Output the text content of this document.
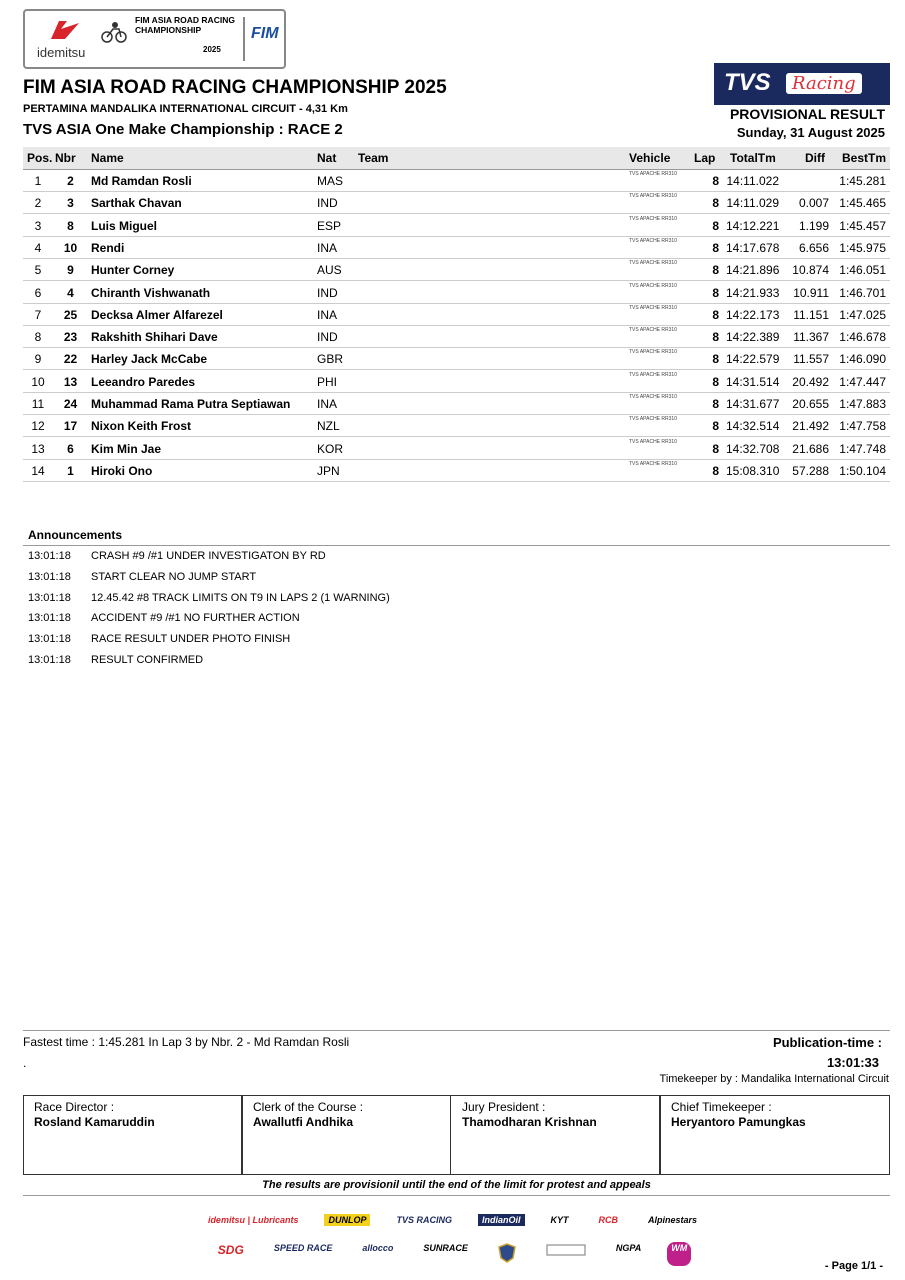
idemitsu
FIM ASIA ROAD RACING CHAMPIONSHIP
2025
FIM
FIM ASIA ROAD RACING CHAMPIONSHIP 2025
PERTAMINA MANDALIKA INTERNATIONAL CIRCUIT - 4,31 Km
TVS ASIA One Make Championship : RACE 2
TVS	Racing
PROVISIONAL RESULT
Sunday, 31 August 2025
Pos. Nbr Name	Nat Team	Vehicle Lap TotalTm Diff BestTm
1	2	Md Ramdan Rosli	MAS	TVS APACHE RR310	8 14:11.022	1:45.281
2	3	Sarthak Chavan	IND	TVS APACHE RR310	8 14:11.029	0.007 1:45.465
3	8	Luis Miguel	ESP	TVS APACHE RR310	8 14:12.221	1.199 1:45.457
4	10	Rendi	INA	TVS APACHE RR310	8 14:17.678	6.656 1:45.975
5	9	Hunter Corney	AUS	TVS APACHE RR310	8 14:21.896	10.874 1:46.051
6	4	Chiranth Vishwanath	IND	TVS APACHE RR310	8 14:21.933	10.911 1:46.701
7	25	Decksa Almer Alfarezel	INA	TVS APACHE RR310	8 14:22.173	11.151 1:47.025
8	23	Rakshith Shihari Dave	IND	TVS APACHE RR310	8 14:22.389	11.367 1:46.678
9	22	Harley Jack McCabe	GBR	TVS APACHE RR310	8 14:22.579	11.557 1:46.090
10	13	Leeandro Paredes	PHI	TVS APACHE RR310	8 14:31.514	20.492 1:47.447
11	24	Muhammad Rama Putra Septiawan INA	TVS APACHE RR310	8 14:31.677	20.655 1:47.883
12	17	Nixon Keith Frost	NZL	TVS APACHE RR310	8 14:32.514	21.492 1:47.758
13	6	Kim Min Jae	KOR	TVS APACHE RR310	8 14:32.708	21.686 1:47.748
14	1	Hiroki Ono	JPN	TVS APACHE RR310	8 15:08.310	57.288 1:50.104
Announcements
13:01:18	CRASH #9 /#1 UNDER INVESTIGATON BY RD
13:01:18	START CLEAR NO JUMP START
13:01:18	12.45.42 #8 TRACK LIMITS ON T9 IN LAPS 2 (1 WARNING)
13:01:18	ACCIDENT #9 /#1 NO FURTHER ACTION
13:01:18	RACE RESULT UNDER PHOTO FINISH
13:01:18	RESULT CONFIRMED
Fastest time : 1:45.281 In Lap 3 by Nbr. 2 - Md Ramdan Rosli
.
Publication-time :
13:01:33
Timekeeper by : Mandalika International Circuit
Race Director :
Rosland Kamaruddin
Clerk of the Course :
Awallutfi Andhika
Jury President :
Thamodharan Krishnan
Chief Timekeeper :
Heryantoro Pamungkas
The results are provisionil until the end of the limit for protest and appeals
idemitsu | Lubricants	DUNLOP	TVS RACING	IndianOil	KYT	RCB	Alpinestars
SDG	SPEED RACE	allocco	SUNRACE	NGPA	WM
- Page 1/1 -
